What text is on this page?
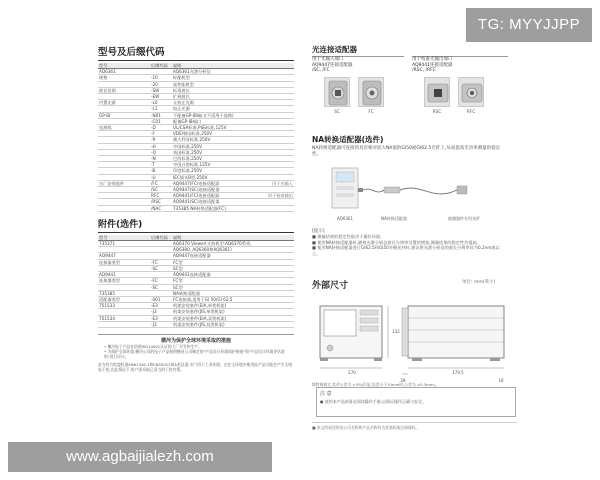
TG: MYYJJPP
型号及后缀代码
型号	后缀代码	说明
AQ6361		AQ6361光谱分析仪
规格	-10	标配机型
	-20	高性能机型
波长范围	-SW	标准波长
	-EW	扩展波长
内置光源	-L0	无校正光源
	-L1	校正光源
GP-IB	-N01	不配备GP-IB端口(不适用于选购)
	-C01	配备GP-IB端口
电源线	-D	UL/CSA标准,PSE标准,125V
	-F	VDE/韩国标准,250V
	-R	澳大利亚标准,250V
	-H	中国标准,250V
	-Q	英国标准,250V
	-N	巴西标准,250V
	-T	中国台湾标准,125V
	-B	印度标准,250V
	-U	IEC插头B型,250V
出厂安装选件	/FC	AQ9447(FC)连接适配器 用于光输入

	/SC	AQ9447(SC)连接适配器

	RFC	AQ9441(FC)连接适配器 用于校准输出

	/RSC	AQ9441(SC)连接适配器

	/NAC	735385 NA转换适配器(FC)
附件(选件)
型号	后缀代码	说明
735371		AQ6370 Viewer(支持机型:AQ6370系列,
		AQ6380, AQ6360和AQ6361)
AQ9447		AQ9447连接适配器
连接器类型	-FC	FC型
	-SC	SC型
AQ9441		AQ9441连接适配器
连接器类型	-FC	FC型
	-SC	SC型
735385		NA转换适配器
适配器类型	-001	FC连接器,适用于GI 50/GI 62.5
751533	-E3	机架安装套件(EIA,单类机架)
	-J3	机架安装套件(JIS,单类机架)
751534	-E3	机架安装套件(EIA,双类机架)
	-J3	机架安装套件(JIS,双类机架)
横河为保护全球环境采取的措施
• 横河电子产品在依照ISO14001认证的工厂开发和生产。
• 为保护全球环境,横河公司的电子产品按照横河公司制定的"产品设计环境保护指南"和"产品设计环境评估准则"进行设计。
此为符合欧盟标准EN61326-1和EN55011的A类仪器,专门用于工业环境。在住宅环境中使用此产品可能会产生无线电干扰,在此情况下,用户需采取已适当的干扰对策。
光连接适配器
用于光输入端口
AQ9447连接适配器
/SC, /FC
SC	FC
用于校准光输出端口
AQ9441连接适配器
/RSC, /RFC
RSC	RFC
NA转换适配器(选件)
NA转换适配器可连接到具有相对较大NA值的GI50或GI62.5光纤上,从而提高光功率测量的稳定性。
AQ6361	NA转换适配器	被测器件专用光纤
[提示]
■ 测量结果的稳定性取决于操作环境。
■ 使用NA转换适配器时,随着光谱分析仪波长分辨率设置的增加,测量结果的稳定性会提高。
■ 使用NA转换适配器进行GI62.5和GI50多模光纤时,建议将光谱分析仪的波长分辨率设为0.2nm或以上。
外部尺寸	单位: mm(英寸)
270
132
28
179.5
18
除特殊规定,其余公差为 ±3%(但是,误差小于10mm时,公差为 ±0.3mm)。
注 意
● 使用本产品前务必阅读操作手册,以保证操作正确与安全。
■ 本文所叙述的各公司名称和产品名称均为其商标或注册商标。
www.agbaijialezh.com
